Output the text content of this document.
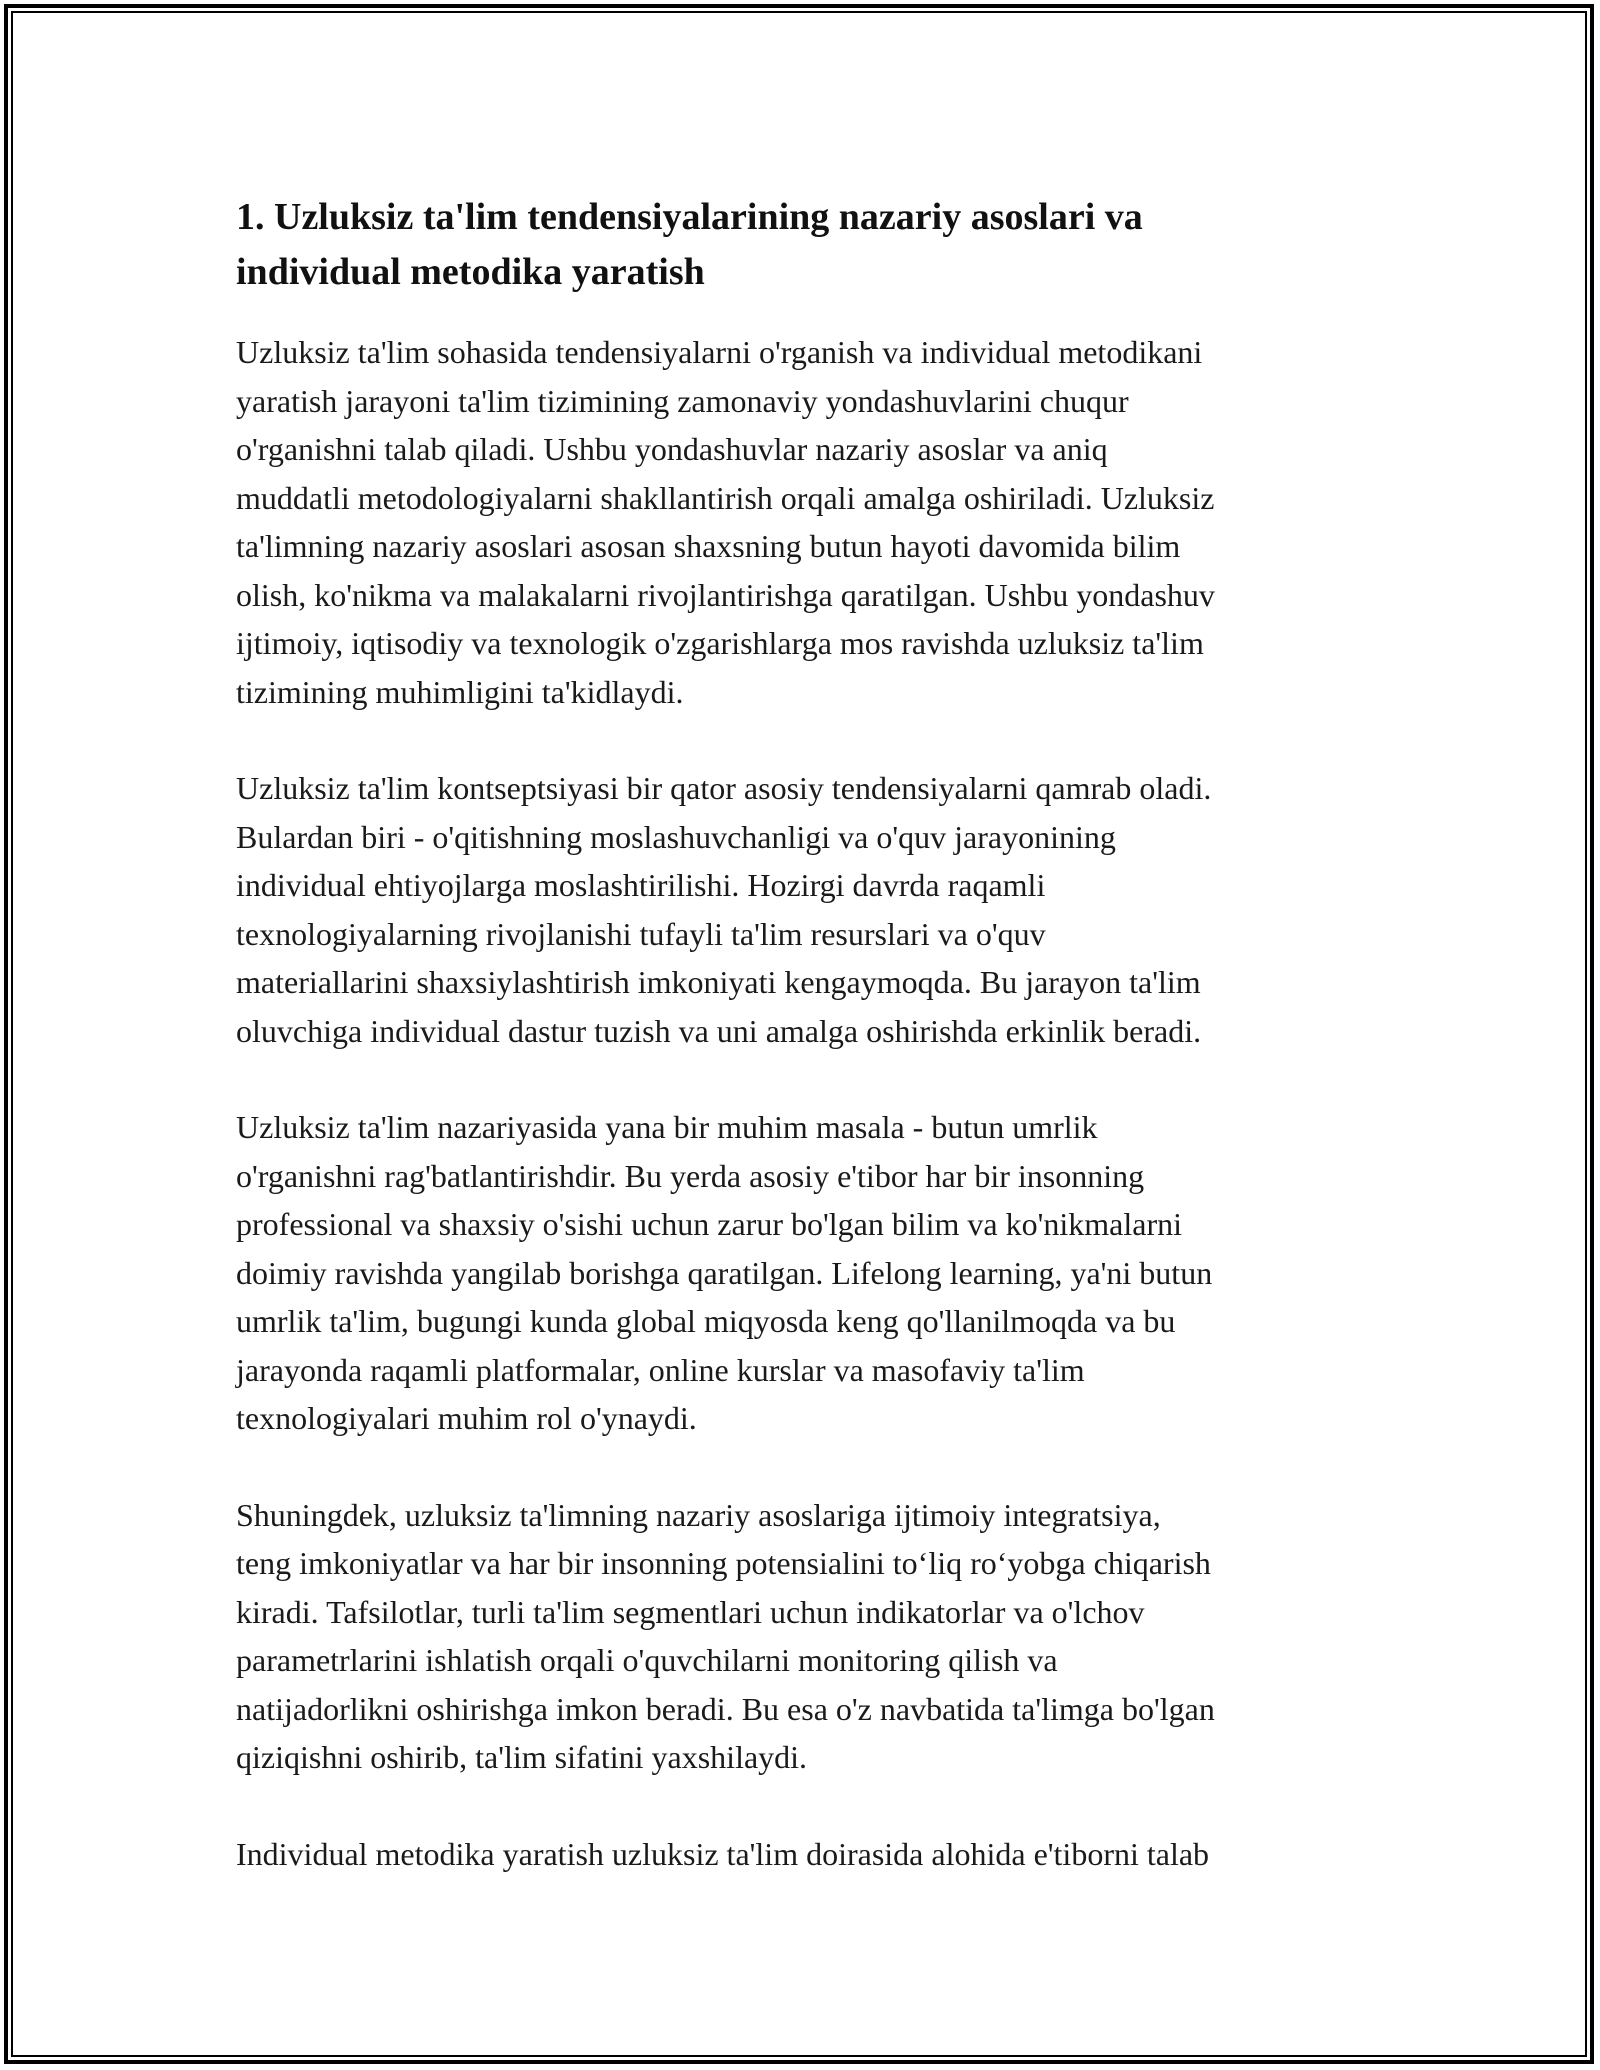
1. Uzluksiz ta'lim tendensiyalarining nazariy asoslari va
individual metodika yaratish

Uzluksiz ta'lim sohasida tendensiyalarni o'rganish va individual metodikani
yaratish jarayoni ta'lim tizimining zamonaviy yondashuvlarini chuqur
o'rganishni talab qiladi. Ushbu yondashuvlar nazariy asoslar va aniq
muddatli metodologiyalarni shakllantirish orqali amalga oshiriladi. Uzluksiz
ta'limning nazariy asoslari asosan shaxsning butun hayoti davomida bilim
olish, ko'nikma va malakalarni rivojlantirishga qaratilgan. Ushbu yondashuv
ijtimoiy, iqtisodiy va texnologik o'zgarishlarga mos ravishda uzluksiz ta'lim
tizimining muhimligini ta'kidlaydi.

Uzluksiz ta'lim kontseptsiyasi bir qator asosiy tendensiyalarni qamrab oladi.
Bulardan biri - o'qitishning moslashuvchanligi va o'quv jarayonining
individual ehtiyojlarga moslashtirilishi. Hozirgi davrda raqamli
texnologiyalarning rivojlanishi tufayli ta'lim resurslari va o'quv
materiallarini shaxsiylashtirish imkoniyati kengaymoqda. Bu jarayon ta'lim
oluvchiga individual dastur tuzish va uni amalga oshirishda erkinlik beradi.

Uzluksiz ta'lim nazariyasida yana bir muhim masala - butun umrlik
o'rganishni rag'batlantirishdir. Bu yerda asosiy e'tibor har bir insonning
professional va shaxsiy o'sishi uchun zarur bo'lgan bilim va ko'nikmalarni
doimiy ravishda yangilab borishga qaratilgan. Lifelong learning, ya'ni butun
umrlik ta'lim, bugungi kunda global miqyosda keng qo'llanilmoqda va bu
jarayonda raqamli platformalar, online kurslar va masofaviy ta'lim
texnologiyalari muhim rol o'ynaydi.

Shuningdek, uzluksiz ta'limning nazariy asoslariga ijtimoiy integratsiya,
teng imkoniyatlar va har bir insonning potensialini to‘liq ro‘yobga chiqarish
kiradi. Tafsilotlar, turli ta'lim segmentlari uchun indikatorlar va o'lchov
parametrlarini ishlatish orqali o'quvchilarni monitoring qilish va
natijadorlikni oshirishga imkon beradi. Bu esa o'z navbatida ta'limga bo'lgan
qiziqishni oshirib, ta'lim sifatini yaxshilaydi.

Individual metodika yaratish uzluksiz ta'lim doirasida alohida e'tiborni talab
